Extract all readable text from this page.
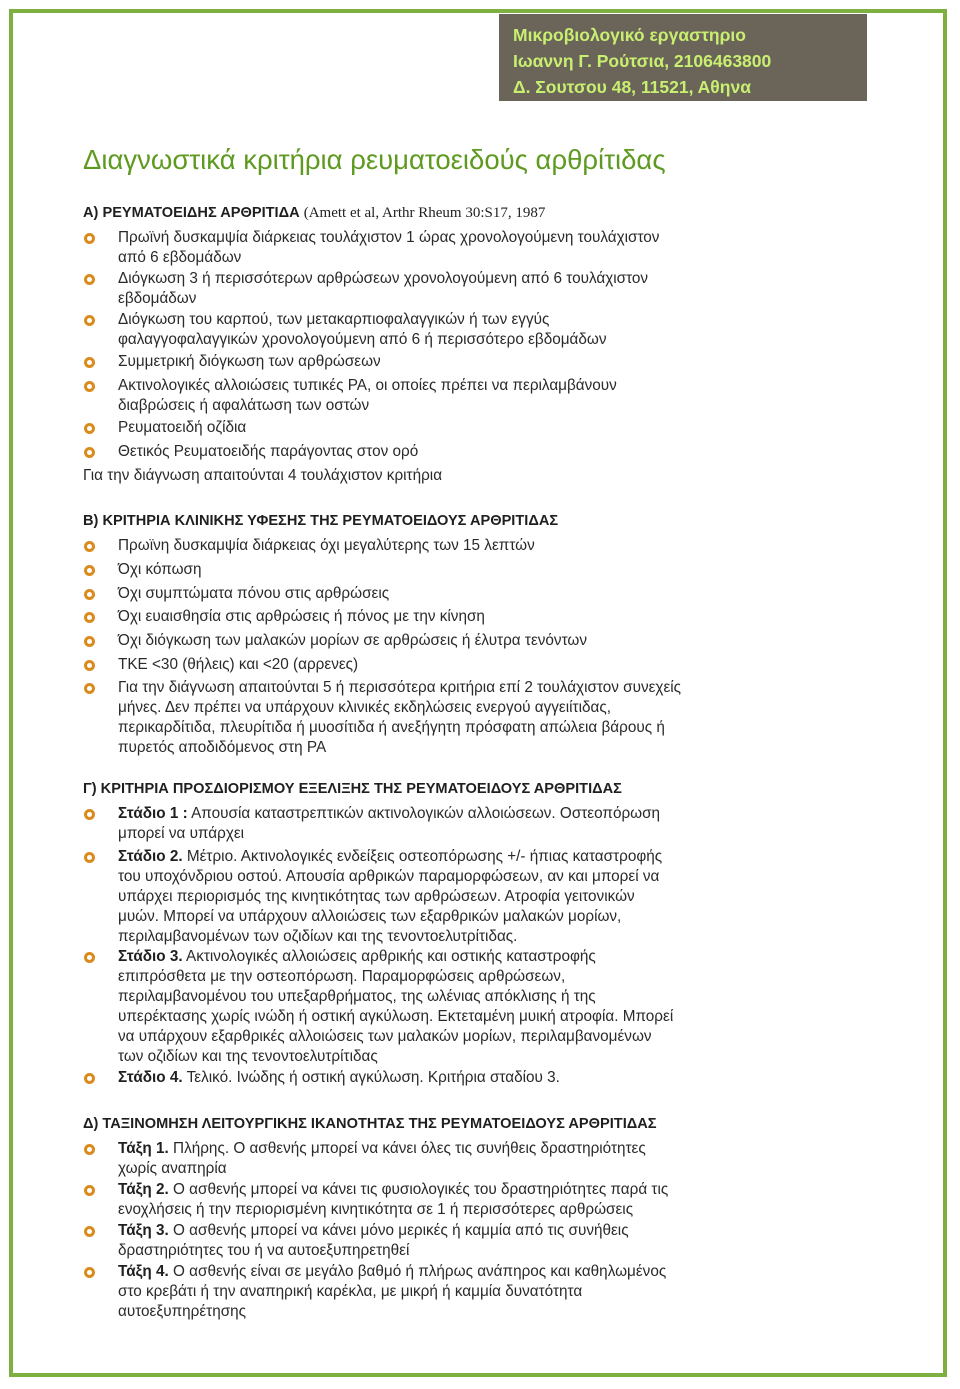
Μικροβιολογικό εργαστηριο
Ιωαννη Γ. Ρούτσια, 2106463800
Δ. Σουτσου 48, 11521, Αθηνα
Διαγνωστικά κριτήρια ρευματοειδούς αρθρίτιδας
A) ΡΕΥΜΑΤΟΕΙΔΗΣ ΑΡΘΡΙΤΙΔΑ (Amett et al, Arthr Rheum 30:S17, 1987
Πρωϊνή δυσκαμψία διάρκειας τουλάχιστον 1 ώρας χρονολογούμενη τουλάχιστον
από 6 εβδομάδων
Διόγκωση 3 ή περισσότερων αρθρώσεων χρονολογούμενη από 6 τουλάχιστον
εβδομάδων
Διόγκωση του καρπού, των μετακαρπιοφαλαγγικών ή των εγγύς
φαλαγγοφαλαγγικών χρονολογούμενη από 6 ή περισσότερο εβδομάδων
Συμμετρική διόγκωση των αρθρώσεων
Ακτινολογικές αλλοιώσεις τυπικές ΡΑ, οι οποίες πρέπει να περιλαμβάνουν
διαβρώσεις ή αφαλάτωση των οστών
Ρευματοειδή οζίδια
Θετικός Ρευματοειδής παράγοντας στον ορό
Για την διάγνωση απαιτούνται 4 τουλάχιστον κριτήρια
B) ΚΡΙΤΗΡΙΑ ΚΛΙΝΙΚΗΣ ΥΦΕΣΗΣ ΤΗΣ ΡΕΥΜΑΤΟΕΙΔΟΥΣ ΑΡΘΡΙΤΙΔΑΣ
Πρωϊνη δυσκαμψία διάρκειας όχι μεγαλύτερης των 15 λεπτών
Όχι κόπωση
Όχι συμπτώματα πόνου στις αρθρώσεις
Όχι ευαισθησία στις αρθρώσεις ή πόνος με την κίνηση
Όχι διόγκωση των μαλακών μορίων σε αρθρώσεις ή έλυτρα τενόντων
ΤΚΕ <30 (θήλεις) και <20 (αρρενες)
Για την διάγνωση απαιτούνται 5 ή περισσότερα κριτήρια επί 2 τουλάχιστον συνεχείς
μήνες. Δεν πρέπει να υπάρχουν κλινικές εκδηλώσεις ενεργού αγγειίτιδας,
περικαρδίτιδα, πλευρίτιδα ή μυοσίτιδα ή ανεξήγητη πρόσφατη απώλεια βάρους ή
πυρετός αποδιδόμενος στη ΡΑ
Γ) ΚΡΙΤΗΡΙΑ ΠΡΟΣΔΙΟΡΙΣΜΟΥ ΕΞΕΛΙΞΗΣ ΤΗΣ ΡΕΥΜΑΤΟΕΙΔΟΥΣ ΑΡΘΡΙΤΙΔΑΣ
Στάδιο 1 : Απουσία καταστρεπτικών ακτινολογικών αλλοιώσεων. Οστεοπόρωση
μπορεί να υπάρχει
Στάδιο 2. Μέτριο. Ακτινολογικές ενδείξεις οστεοπόρωσης +/- ήπιας καταστροφής
του υποχόνδριου οστού. Απουσία αρθρικών παραμορφώσεων, αν και μπορεί να
υπάρχει περιορισμός της κινητικότητας των αρθρώσεων. Ατροφία γειτονικών
μυών. Μπορεί να υπάρχουν αλλοιώσεις των εξαρθρικών μαλακών μορίων,
περιλαμβανομένων των οζιδίων και της τενοντοελυτρίτιδας.
Στάδιο 3. Ακτινολογικές αλλοιώσεις αρθρικής και οστικής καταστροφής
επιπρόσθετα με την οστεοπόρωση. Παραμορφώσεις αρθρώσεων,
περιλαμβανομένου του υπεξαρθρήματος, της ωλένιας απόκλισης ή της
υπερέκτασης χωρίς ινώδη ή οστική αγκύλωση. Εκτεταμένη μυική ατροφία. Μπορεί
να υπάρχουν εξαρθρικές αλλοιώσεις των μαλακών μορίων, περιλαμβανομένων
των οζιδίων και της τενοντοελυτρίτιδας
Στάδιο 4. Τελικό. Ινώδης ή οστική αγκύλωση. Κριτήρια σταδίου 3.
Δ) ΤΑΞΙΝΟΜΗΣΗ ΛΕΙΤΟΥΡΓΙΚΗΣ ΙΚΑΝΟΤΗΤΑΣ ΤΗΣ ΡΕΥΜΑΤΟΕΙΔΟΥΣ ΑΡΘΡΙΤΙΔΑΣ
Τάξη 1. Πλήρης. Ο ασθενής μπορεί να κάνει όλες τις συνήθεις δραστηριότητες
χωρίς αναπηρία
Τάξη 2. Ο ασθενής μπορεί να κάνει τις φυσιολογικές του δραστηριότητες παρά τις
ενοχλήσεις ή την περιορισμένη κινητικότητα σε 1 ή περισσότερες αρθρώσεις
Τάξη 3. Ο ασθενής μπορεί να κάνει μόνο μερικές ή καμμία από τις συνήθεις
δραστηριότητες του ή να αυτοεξυπηρετηθεί
Τάξη 4. Ο ασθενής είναι σε μεγάλο βαθμό ή πλήρως ανάπηρος και καθηλωμένος
στο κρεβάτι ή την αναπηρική καρέκλα, με μικρή ή καμμία δυνατότητα
αυτοεξυπηρέτησης
